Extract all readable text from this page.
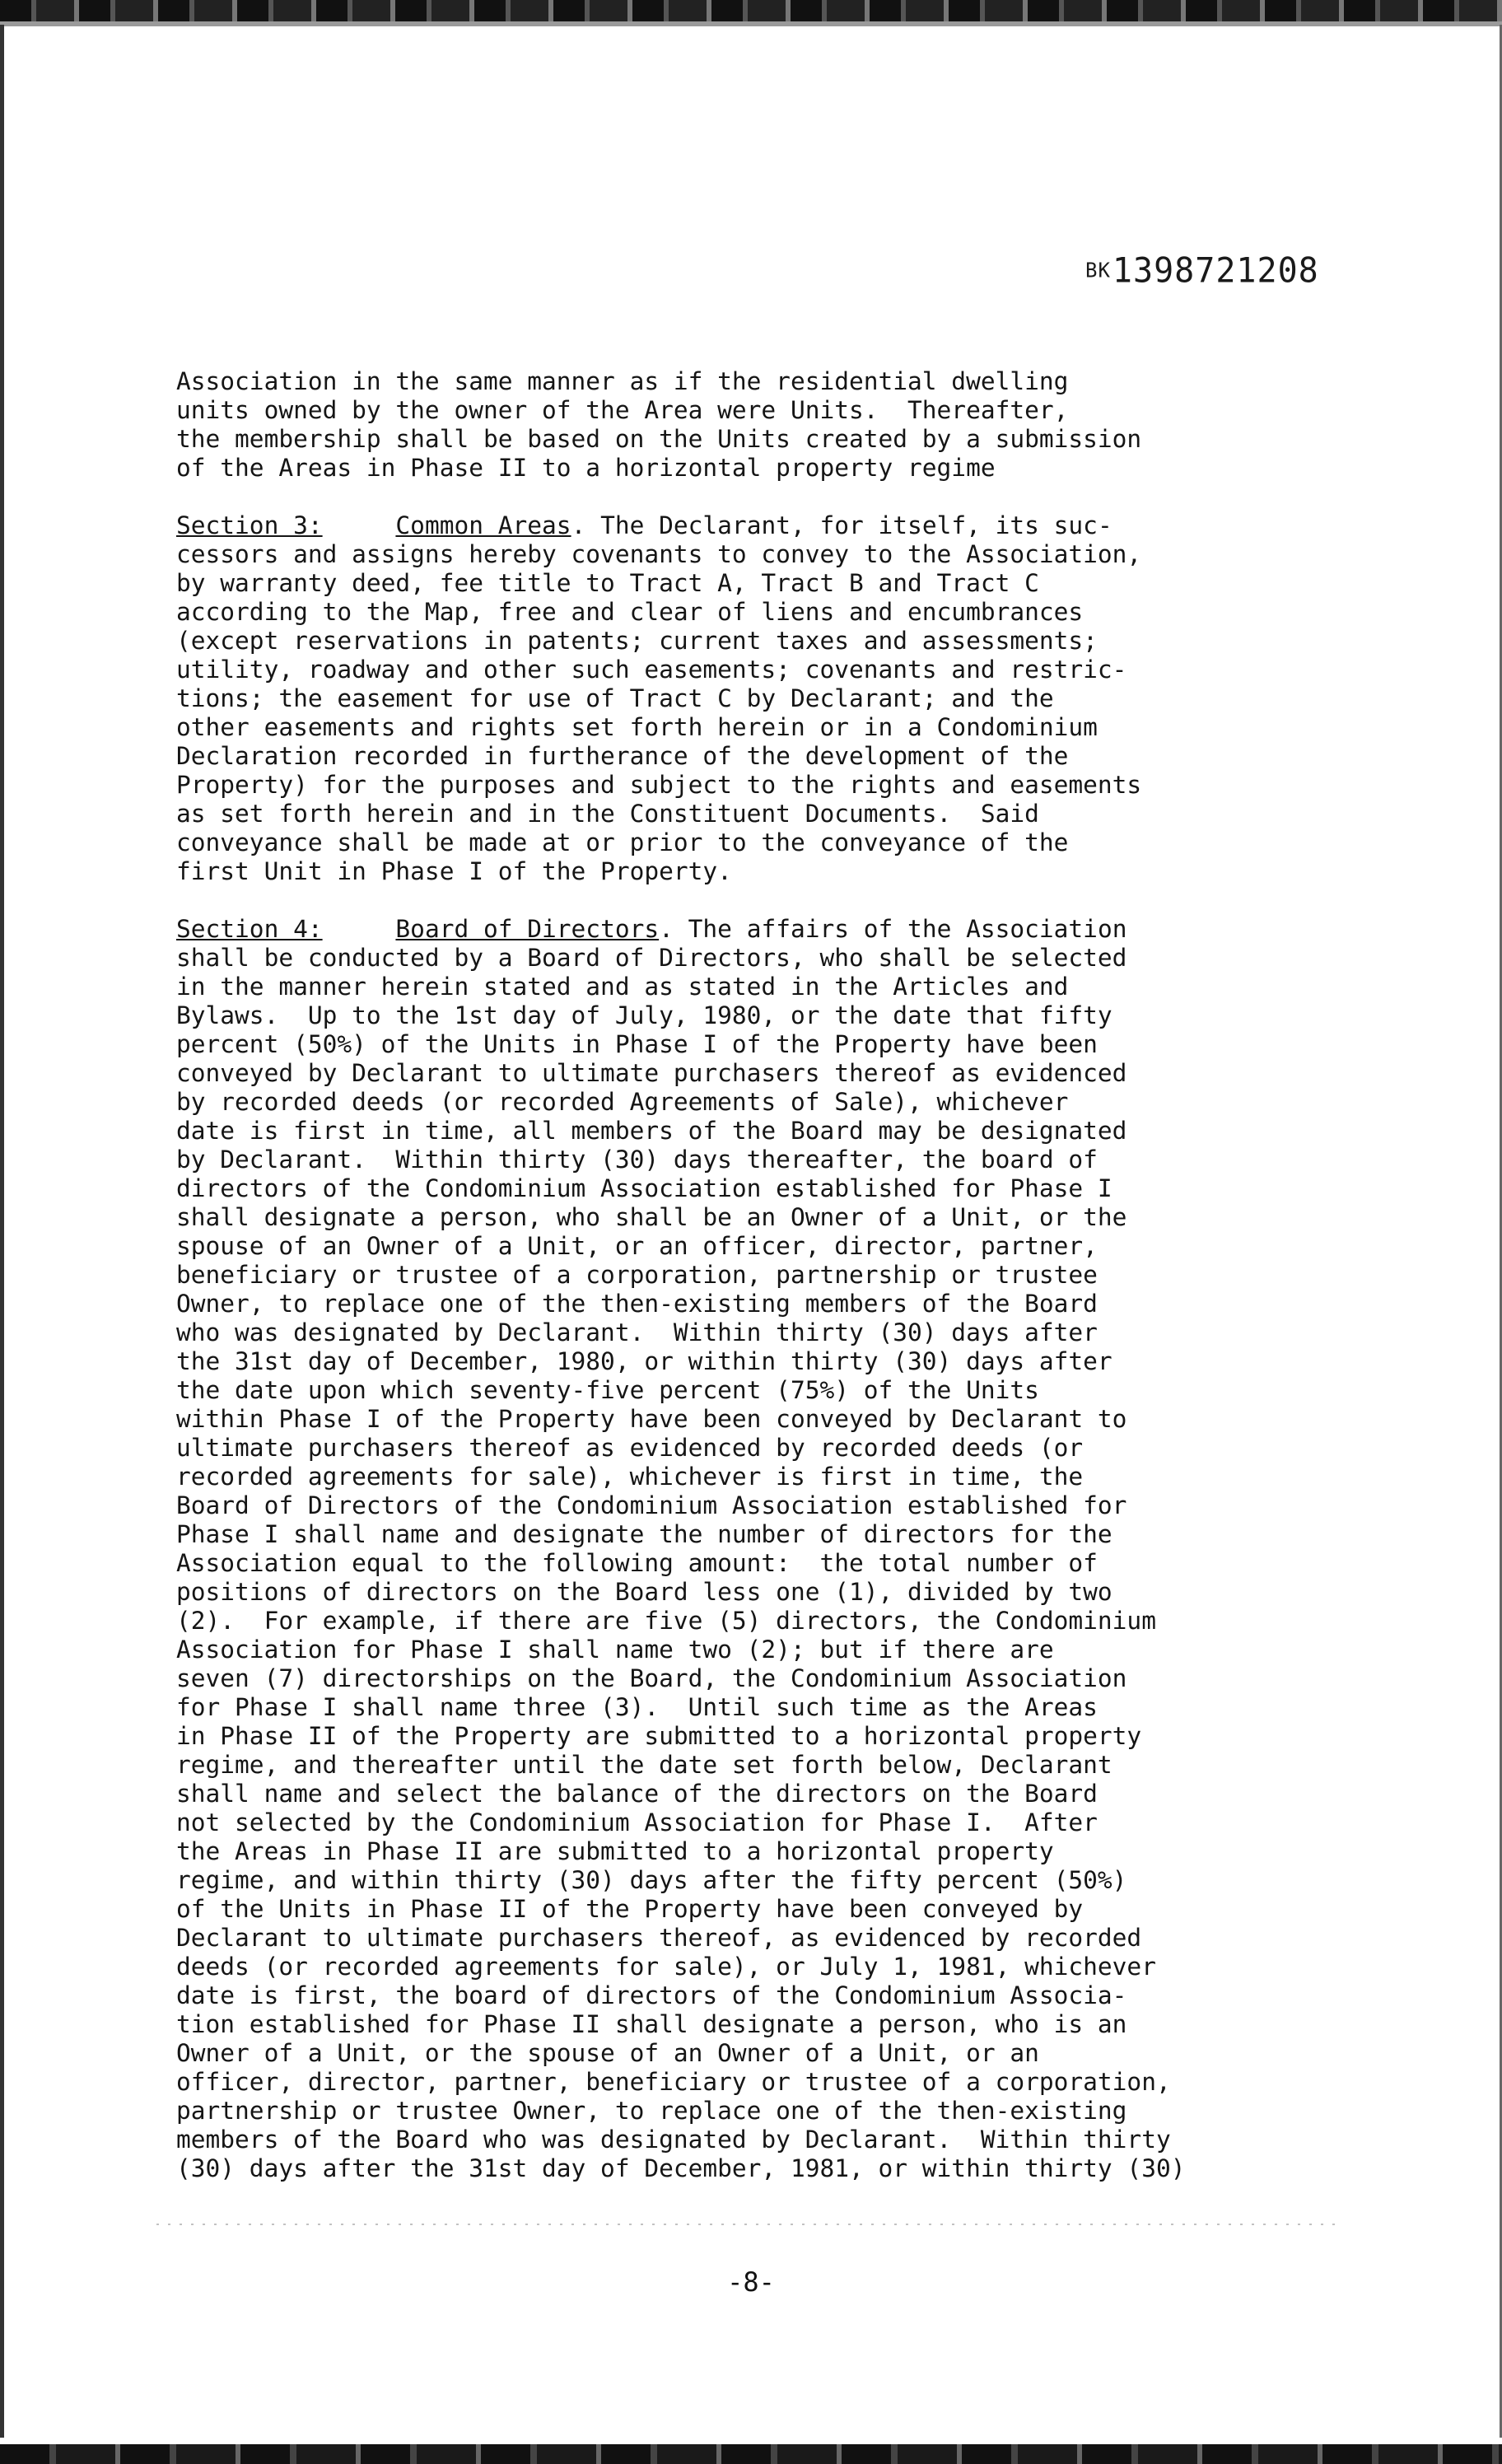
BK1398721208
Association in the same manner as if the residential dwelling
units owned by the owner of the Area were Units.  Thereafter,
the membership shall be based on the Units created by a submission
of the Areas in Phase II to a horizontal property regime
Section 3:	Common Areas. The Declarant, for itself, its suc-
cessors and assigns hereby covenants to convey to the Association,
by warranty deed, fee title to Tract A, Tract B and Tract C
according to the Map, free and clear of liens and encumbrances
(except reservations in patents; current taxes and assessments;
utility, roadway and other such easements; covenants and restric-
tions; the easement for use of Tract C by Declarant; and the
other easements and rights set forth herein or in a Condominium
Declaration recorded in furtherance of the development of the
Property) for the purposes and subject to the rights and easements
as set forth herein and in the Constituent Documents.  Said
conveyance shall be made at or prior to the conveyance of the
first Unit in Phase I of the Property.
Section 4:	Board of Directors. The affairs of the Association
shall be conducted by a Board of Directors, who shall be selected
in the manner herein stated and as stated in the Articles and
Bylaws.  Up to the 1st day of July, 1980, or the date that fifty
percent (50%) of the Units in Phase I of the Property have been
conveyed by Declarant to ultimate purchasers thereof as evidenced
by recorded deeds (or recorded Agreements of Sale), whichever
date is first in time, all members of the Board may be designated
by Declarant.  Within thirty (30) days thereafter, the board of
directors of the Condominium Association established for Phase I
shall designate a person, who shall be an Owner of a Unit, or the
spouse of an Owner of a Unit, or an officer, director, partner,
beneficiary or trustee of a corporation, partnership or trustee
Owner, to replace one of the then-existing members of the Board
who was designated by Declarant.  Within thirty (30) days after
the 31st day of December, 1980, or within thirty (30) days after
the date upon which seventy-five percent (75%) of the Units
within Phase I of the Property have been conveyed by Declarant to
ultimate purchasers thereof as evidenced by recorded deeds (or
recorded agreements for sale), whichever is first in time, the
Board of Directors of the Condominium Association established for
Phase I shall name and designate the number of directors for the
Association equal to the following amount:  the total number of
positions of directors on the Board less one (1), divided by two
(2).  For example, if there are five (5) directors, the Condominium
Association for Phase I shall name two (2); but if there are
seven (7) directorships on the Board, the Condominium Association
for Phase I shall name three (3).  Until such time as the Areas
in Phase II of the Property are submitted to a horizontal property
regime, and thereafter until the date set forth below, Declarant
shall name and select the balance of the directors on the Board
not selected by the Condominium Association for Phase I.  After
the Areas in Phase II are submitted to a horizontal property
regime, and within thirty (30) days after the fifty percent (50%)
of the Units in Phase II of the Property have been conveyed by
Declarant to ultimate purchasers thereof, as evidenced by recorded
deeds (or recorded agreements for sale), or July 1, 1981, whichever
date is first, the board of directors of the Condominium Associa-
tion established for Phase II shall designate a person, who is an
Owner of a Unit, or the spouse of an Owner of a Unit, or an
officer, director, partner, beneficiary or trustee of a corporation,
partnership or trustee Owner, to replace one of the then-existing
members of the Board who was designated by Declarant.  Within thirty
(30) days after the 31st day of December, 1981, or within thirty (30)
-8-
